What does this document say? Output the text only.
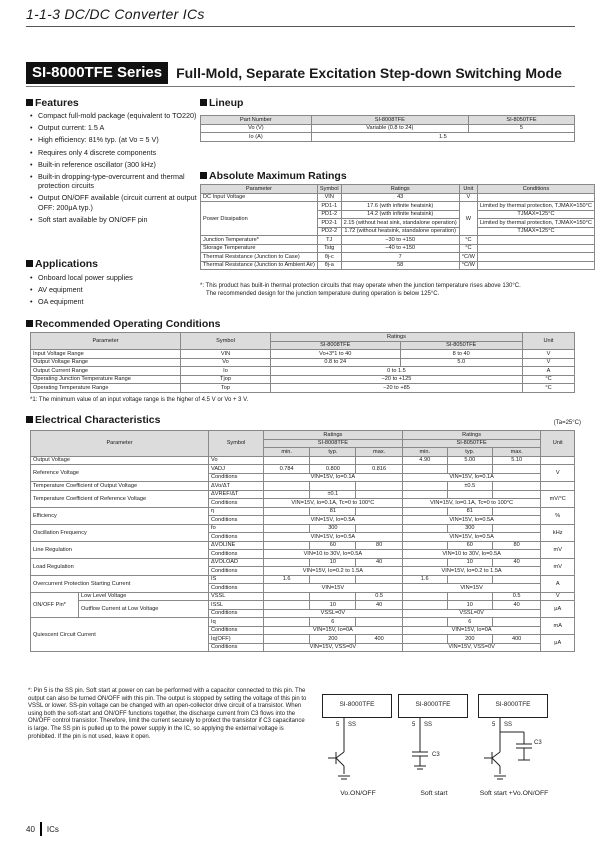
1-1-3 DC/DC Converter ICs
SI-8000TFE Series	Full-Mold, Separate Excitation Step-down Switching Mode
Features
• Compact full-mold package (equivalent to TO220)
• Output current: 1.5 A
• High efficiency: 81% typ. (at Vo = 5 V)
• Requires only 4 discrete components
• Built-in reference oscillator (300 kHz)
• Built-in dropping-type-overcurrent and thermal protection circuits
• Output ON/OFF available (circuit current at output OFF: 200μA typ.)
• Soft start available by ON/OFF pin
Applications
• Onboard local power supplies
• AV equipment
• OA equipment
Lineup
Part Number	SI-8008TFE	SI-8050TFE
Vo (V)	Variable (0.8 to 24)	5
Io (A)	1.5	
Absolute Maximum Ratings
Parameter	Symbol	Ratings	Unit	Conditions
DC Input Voltage	VIN	43	V	
Power Dissipation	PD1-1	17.6 (with infinite heatsink)	W	Limited by thermal protection, TJMAX=150°C
	PD1-2	14.2 (with infinite heatsink)		TJMAX=125°C
	PD2-1	2.15 (without heat sink, standalone operation)		Limited by thermal protection, TJMAX=150°C
	PD2-2	1.72 (without heatsink, standalone operation)		TJMAX=125°C
Junction Temperature*	TJ	−30 to +150	°C	
Storage Temperature	Tstg	−40 to +150	°C	
Thermal Resistance (Junction to Case)	θj-c	7	°C/W	
Thermal Resistance (Junction to Ambient Air)	θj-a	58	°C/W	
*: This product has built-in thermal protection circuits that may operate when the junction temperature rises above 130°C.
The recommended design for the junction temperature during operation is below 125°C.
Recommended Operating Conditions
Parameter	Symbol	Ratings		Unit
		SI-8008TFE	SI-8050TFE	
Input Voltage Range	VIN	Vo+3*1 to 40	8 to 40	V
Output Voltage Range	Vo	0.8 to 24	5.0	V
Output Current Range	Io	0 to 1.5		A
Operating Junction Temperature Range	Tjop	−20 to +125		°C
Operating Temperature Range	Top	−20 to +85		°C
*1: The minimum value of an input voltage range is the higher of 4.5 V or Vo + 3 V.
Electrical Characteristics	(Ta=25°C)
Parameter		Symbol	Ratings			Ratings			Unit
			SI-8008TFE			SI-8050TFE			
			min.	typ.	max.	min.	typ.	max.	
Output Voltage		Vo				4.90	5.00	5.10	
Reference Voltage		VADJ	0.784	0.800	0.816				V
		Conditions	VIN=15V, Io=0.1A			VIN=15V, Io=0.1A			
Temperature Coefficient of Output Voltage		ΔVo/ΔT					±0.5		
Temperature Coefficient of Reference Voltage		ΔVREF/ΔT		±0.1					mV/°C
		Conditions	VIN=15V, Io=0.1A, Tc=0 to 100°C			VIN=15V, Io=0.1A, Tc=0 to 100°C			
Efficiency		η		81			81		%
		Conditions	VIN=15V, Io=0.5A			VIN=15V, Io=0.5A			
Oscillation Frequency		fo		300			300		kHz
		Conditions	VIN=15V, Io=0.5A			VIN=15V, Io=0.5A			
Line Regulation		ΔVOLINE		60	80		60	80	mV
		Conditions	VIN=10 to 30V, Io=0.5A			VIN=10 to 30V, Io=0.5A			
Load Regulation		ΔVOLOAD		10	40		10	40	mV
		Conditions	VIN=15V, Io=0.2 to 1.5A			VIN=15V, Io=0.2 to 1.5A			
Overcurrent Protection Starting Current		IS	1.6			1.6			A
		Conditions	VIN=15V			VIN=15V			
ON/OFF Pin*	Low Level Voltage	VSSL			0.5			0.5	V
	Outflow Current at Low Voltage	ISSL		10	40		10	40	μA
		Conditions	VSSL=0V			VSSL=0V			
Quiescent Circuit Current		Iq		6			6		mA
		Conditions	VIN=15V, Io=0A			VIN=15V, Io=0A			
		Iq(OFF)		200	400		200	400	μA
		Conditions	VIN=15V, VSS=0V			VIN=15V, VSS=0V			
*: Pin 5 is the SS pin. Soft start at power on can be performed with a capacitor connected to this pin. The output can also be turned ON/OFF with this pin. The output is stopped by setting the voltage of this pin to VSSL or lower. SS-pin voltage can be changed with an open-collector drive circuit of a transistor. When using both the soft-start and ON/OFF functions together, the discharge current from C3 flows into the ON/OFF control transistor. Therefore, limit the current securely to protect the transistor if C3 capacitance is large. The SS pin is pulled up to the power supply in the IC, so applying the external voltage is prohibited. If the pin is not used, leave it open.
SI-8000TFE
5 SS
Vo.ON/OFF
SI-8000TFE
5 SS
C3
Soft start
SI-8000TFE
5 SS
C3
Soft start +Vo.ON/OFF
40 ICs
